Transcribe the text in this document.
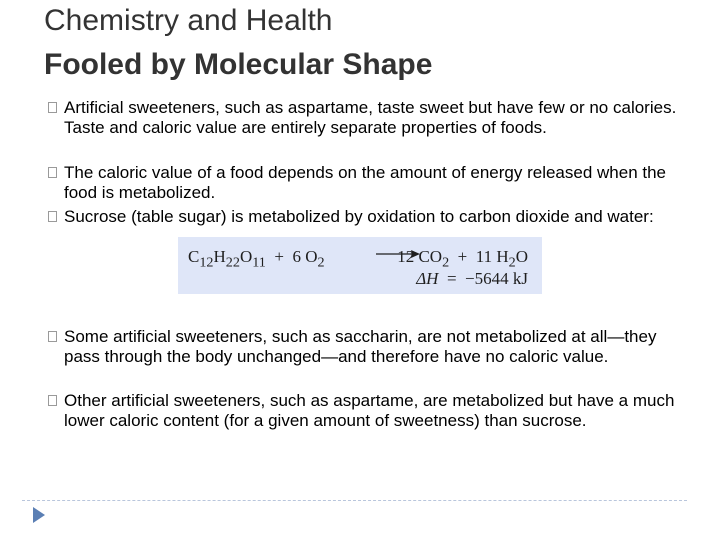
Chemistry and Health
Fooled by Molecular Shape
Artificial sweeteners, such as aspartame, taste sweet but have few or no calories. Taste and caloric value are entirely separate properties of foods.
The caloric value of a food depends on the amount of energy released when the food is metabolized.
Sucrose (table sugar) is metabolized by oxidation to carbon dioxide and water:
$C_{12}H_{22}O_{11} + 6$ $O_2$	12 $CO_2 + 11$ $H_2O$
ΔH = −5644 kJ
Some artificial sweeteners, such as saccharin, are not metabolized at all—they pass through the body unchanged—and therefore have no caloric value.
Other artificial sweeteners, such as aspartame, are metabolized but have a much lower caloric content (for a given amount of sweetness) than sucrose.
